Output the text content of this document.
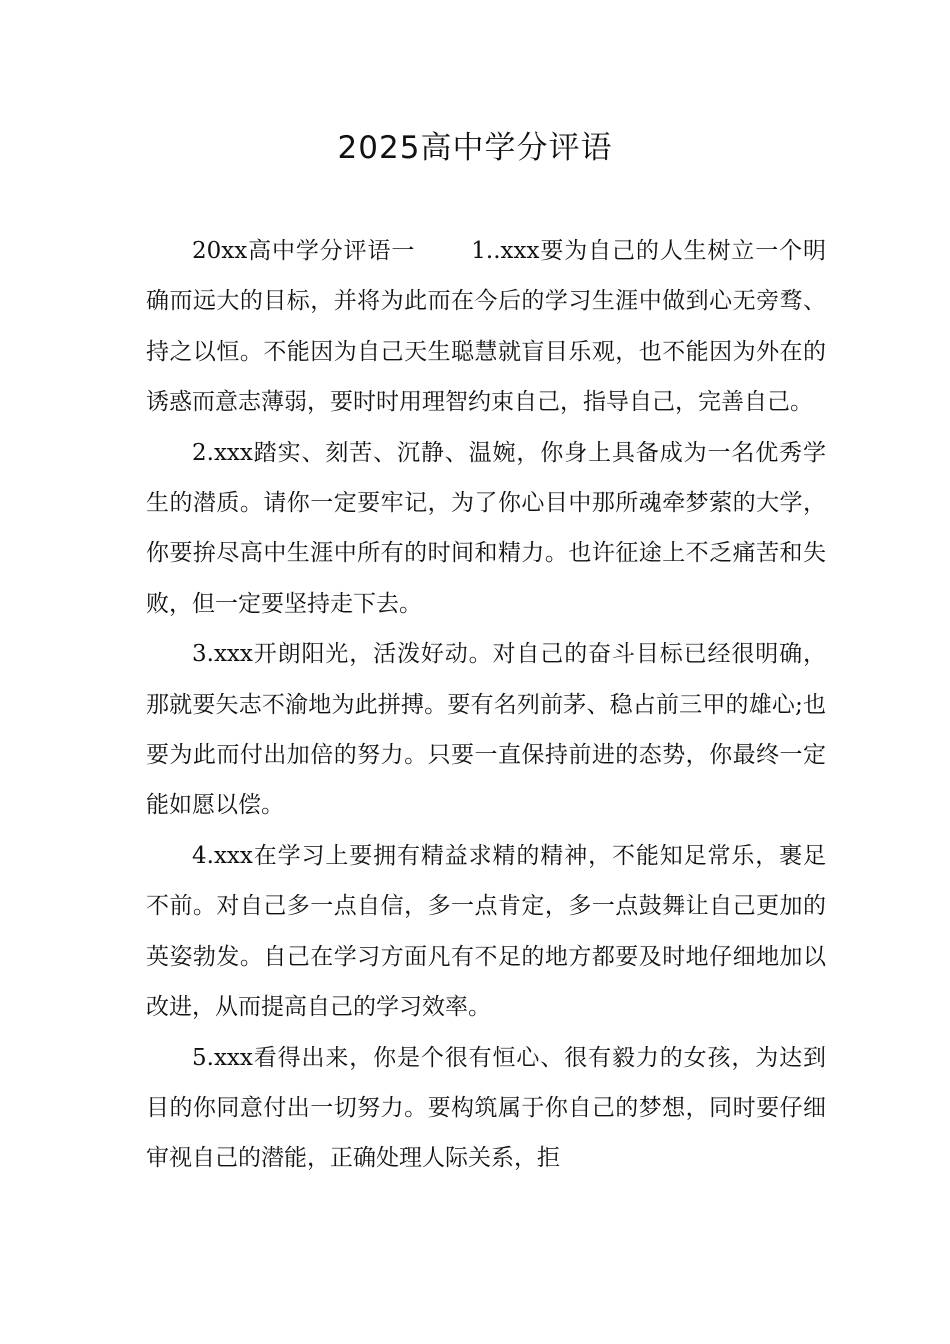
2025高中学分评语

20xx高中学分评语一 1..xxx要为自己的人生树立一个明确而远大的目标，并将为此而在今后的学习生涯中做到心无旁骛、持之以恒。不能因为自己天生聪慧就盲目乐观，也不能因为外在的诱惑而意志薄弱，要时时用理智约束自己，指导自己，完善自己。

2.xxx踏实、刻苦、沉静、温婉，你身上具备成为一名优秀学生的潜质。请你一定要牢记，为了你心目中那所魂牵梦萦的大学，你要拚尽高中生涯中所有的时间和精力。也许征途上不乏痛苦和失败，但一定要坚持走下去。

3.xxx开朗阳光，活泼好动。对自己的奋斗目标已经很明确，那就要矢志不渝地为此拼搏。要有名列前茅、稳占前三甲的雄心;也要为此而付出加倍的努力。只要一直保持前进的态势，你最终一定能如愿以偿。

4.xxx在学习上要拥有精益求精的精神，不能知足常乐，裹足不前。对自己多一点自信，多一点肯定，多一点鼓舞让自己更加的英姿勃发。自己在学习方面凡有不足的地方都要及时地仔细地加以改进，从而提高自己的学习效率。

5.xxx看得出来，你是个很有恒心、很有毅力的女孩，为达到目的你同意付出一切努力。要构筑属于你自己的梦想，同时要仔细审视自己的潜能，正确处理人际关系，拒
